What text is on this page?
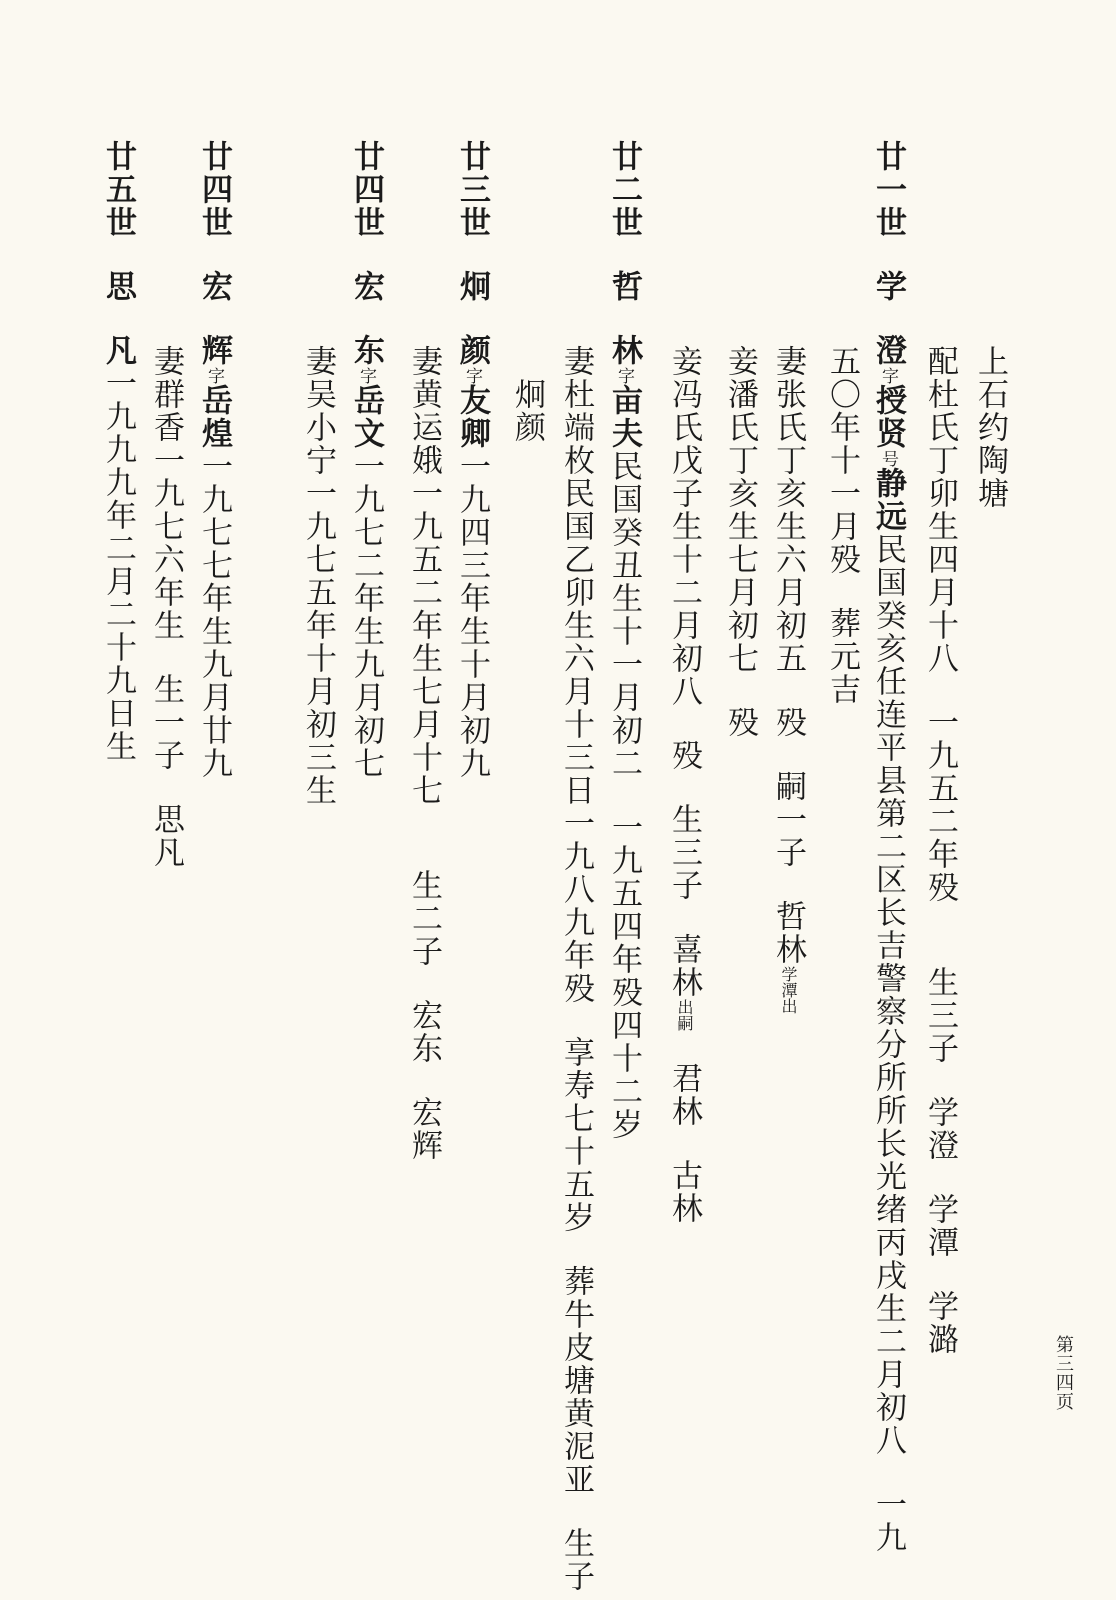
第三四页
上石约陶塘
廿一世学澄字授贤号静远民国癸亥任连平县第二区长吉警察分所所长光绪丙戌生二月初八一九
配杜氏丁卯生四月十八一九五二年殁生三子学澄学潭学潞
五〇年十一月殁葬元吉
妻张氏丁亥生六月初五殁嗣一子哲林学潭出
妾潘氏丁亥生七月初七殁
妾冯氏戊子生十二月初八殁生三子喜林出嗣君林古林
廿二世哲林字亩夫民国癸丑生十一月初二一九五四年殁四十二岁
妻杜端枚民国乙卯生六月十三日一九八九年殁享寿七十五岁葬牛皮塘黄泥亚生子
炯颜
廿三世炯颜字友卿一九四三年生十月初九
妻黄运娥一九五二年生七月十七生二子宏东宏辉
廿四世宏东字岳文一九七二年生九月初七
妻吴小宁一九七五年十月初三生
廿四世宏辉字岳煌一九七七年生九月廿九
妻群香一九七六年生生一子思凡
廿五世思凡一九九九年二月二十九日生
